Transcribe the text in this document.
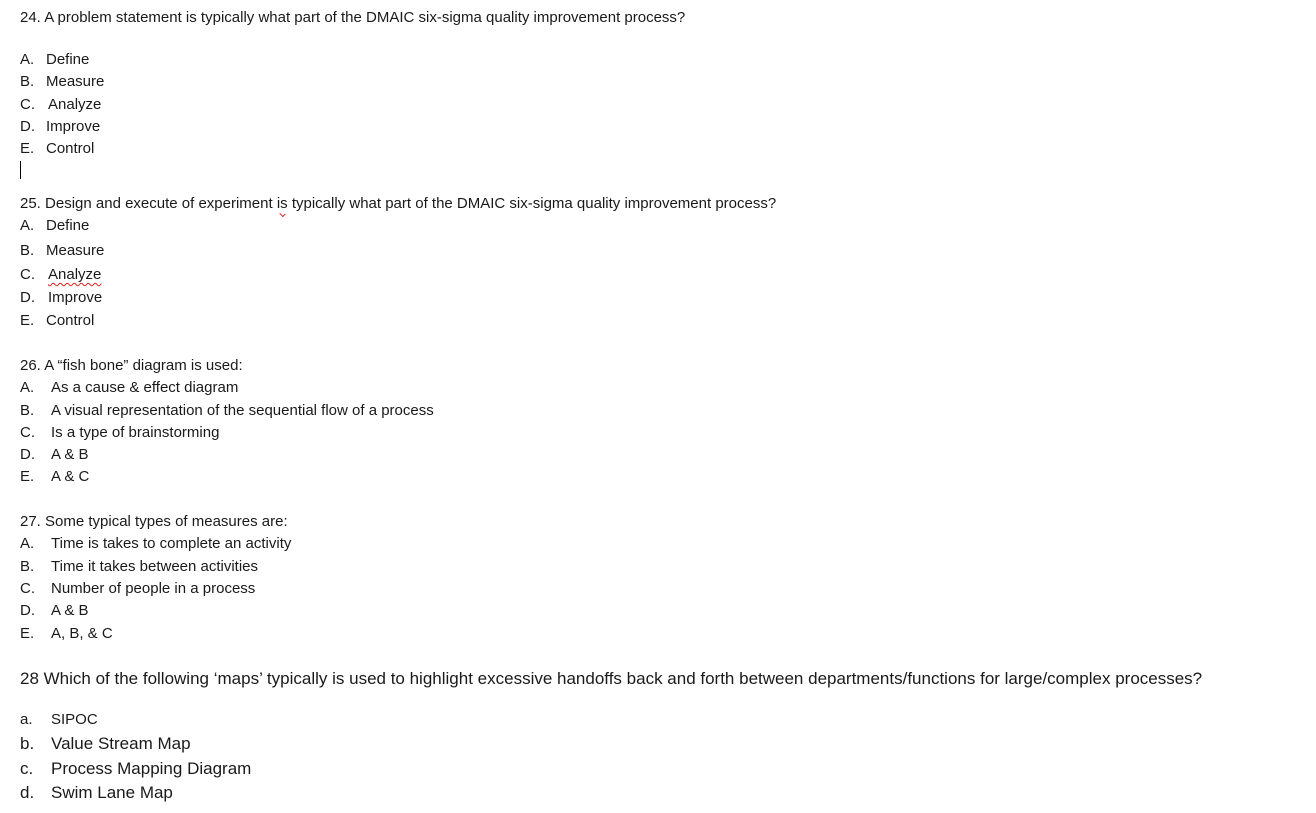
24. A problem statement is typically what part of the DMAIC six-sigma quality improvement process?
A. Define
B. Measure
C. Analyze
D. Improve
E. Control
25. Design and execute of experiment is typically what part of the DMAIC six-sigma quality improvement process?
A. Define
B. Measure
C. Analyze
D. Improve
E. Control
26. A “fish bone” diagram is used:
A. As a cause & effect diagram
B. A visual representation of the sequential flow of a process
C. Is a type of brainstorming
D. A & B
E. A & C
27. Some typical types of measures are:
A. Time is takes to complete an activity
B. Time it takes between activities
C. Number of people in a process
D. A & B
E. A, B, & C
28 Which of the following ‘maps’ typically is used to highlight excessive handoffs back and forth between departments/functions for large/complex processes?
a. SIPOC
b. Value Stream Map
c. Process Mapping Diagram
d. Swim Lane Map
